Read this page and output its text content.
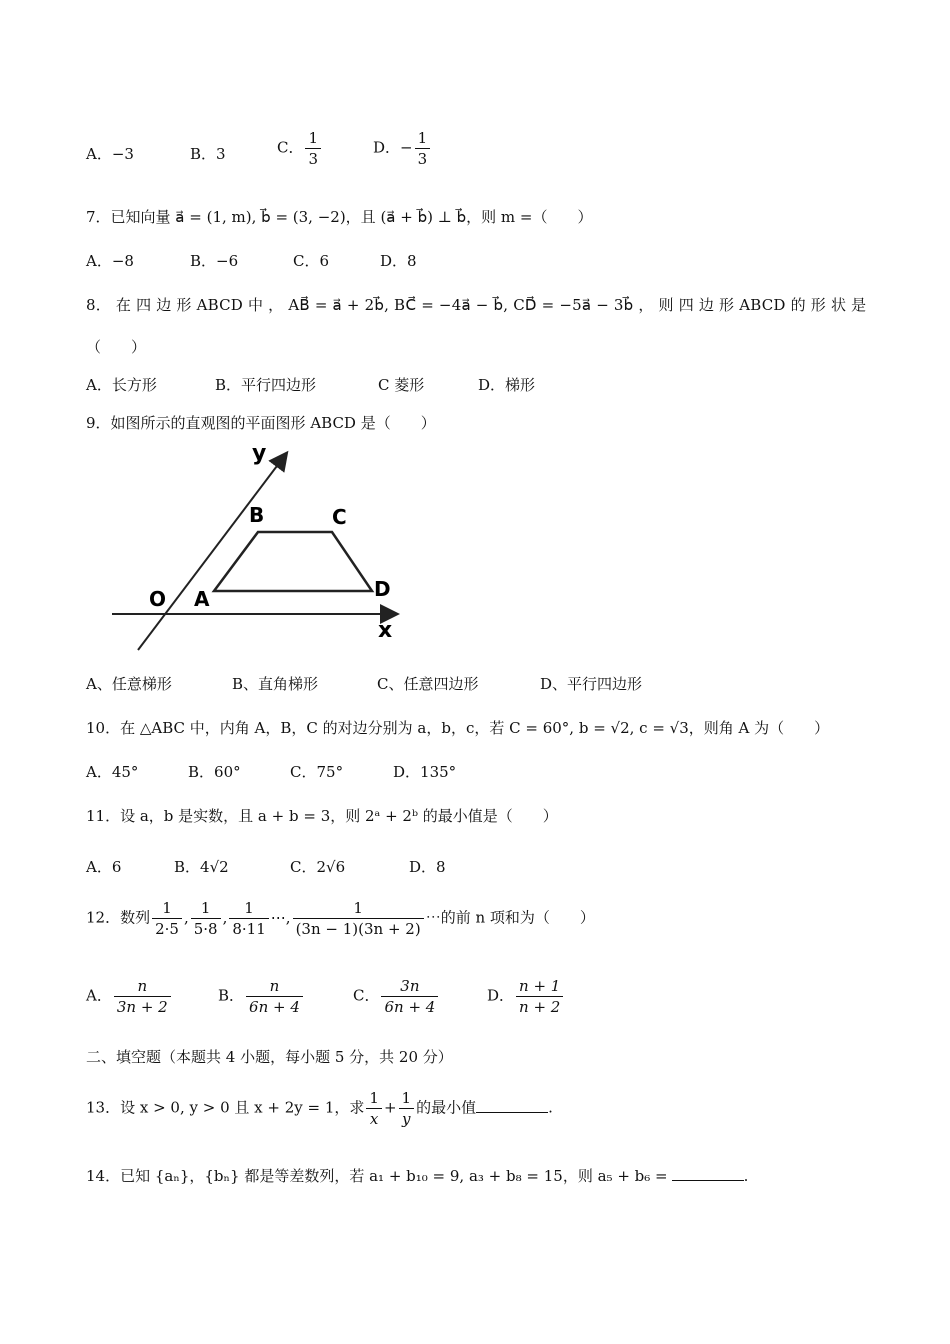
A．−3	B．3	C． $\frac{1}{3}$	D．− $\frac{1}{3}$
7．已知向量 a⃗ = (1, m), b⃗ = (3, −2)，且 (a⃗ + b⃗) ⊥ b⃗，则 m =（　　）
A．−8	B．−6	C．6	D．8
8． 在 四 边 形 ABCD 中 ， AB⃗ = a⃗ + 2b⃗, BC⃗ = −4a⃗ − b⃗, CD⃗ = −5a⃗ − 3b⃗ ， 则 四 边 形 ABCD 的 形 状 是
（　　）
A．长方形	B．平行四边形	C 菱形	D．梯形
9．如图所示的直观图的平面图形 ABCD 是（　　）
y
x
O A
B	C
D
A、任意梯形	B、直角梯形	C、任意四边形	D、平行四边形
10．在 △ABC 中，内角 A，B，C 的对边分别为 a，b，c，若 C = 60°, b = √2, c = √3，则角 A 为（　　）
A．45°	B．60°	C．75°	D．135°
11．设 a，b 是实数，且 a + b = 3，则 2ᵃ + 2ᵇ 的最小值是（　　）
A．6	B．4√2	C．2√6	D．8
12．数列 $\frac{1}{2\cdot 5}$ , $\frac{1}{5\cdot 8}$ , $\frac{1}{8\cdot 11}$ ⋯, $\frac{1}{(3n - 1)(3n + 2)}$ ⋯的前 n 项和为（　　）
A． $\frac{n}{3n + 2}$	B． $\frac{n}{6n + 4}$	C． $\frac{3n}{6n + 4}$	D． $\frac{n + 1}{n + 2}$
二、填空题（本题共 4 小题，每小题 5 分，共 20 分）
13．设 x > 0, y > 0 且 x + 2y = 1，求 $\frac{1}{x} + \frac{1}{y}$ 的最小值	.
14．已知 {aₙ}，{bₙ} 都是等差数列，若 a₁ + b₁₀ = 9, a₃ + b₈ = 15，则 a₅ + b₆ =	.
